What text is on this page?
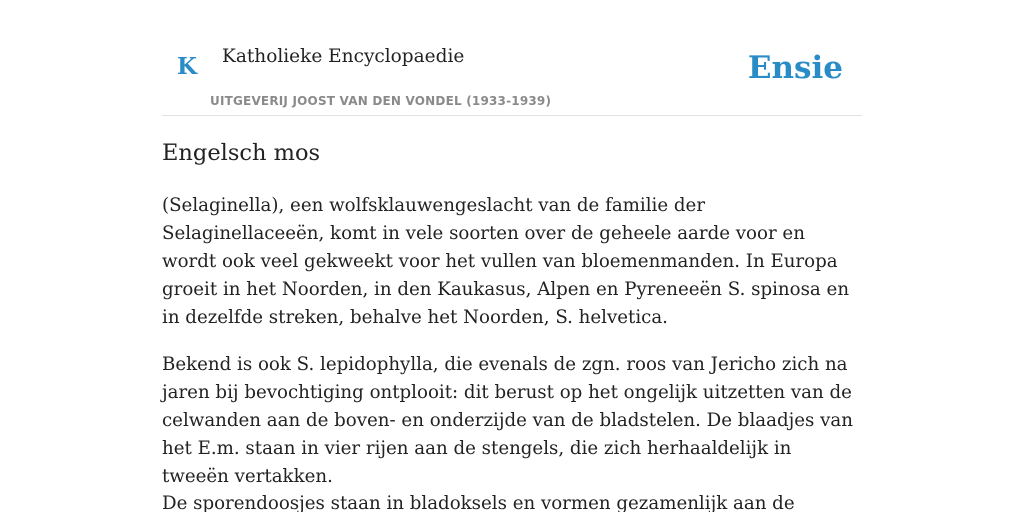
K Katholieke Encyclopaedie
UITGEVERIJ JOOST VAN DEN VONDEL (1933-1939)
Ensie
Engelsch mos

(Selaginella), een wolfsklauwengeslacht van de familie der Selaginellaceeën, komt in vele soorten over de geheele aarde voor en wordt ook veel gekweekt voor het vullen van bloemenmanden. In Europa groeit in het Noorden, in den Kaukasus, Alpen en Pyreneeën S. spinosa en in dezelfde streken, behalve het Noorden, S. helvetica.

Bekend is ook S. lepidophylla, die evenals de zgn. roos van Jericho zich na jaren bij bevochtiging ontplooit: dit berust op het ongelijk uitzetten van de celwanden aan de boven- en onderzijde van de bladstelen. De blaadjes van het E.m. staan in vier rijen aan de stengels, die zich herhaaldelijk in tweeën vertakken.

De sporendoosjes staan in bladoksels en vormen gezamenlijk aan de
